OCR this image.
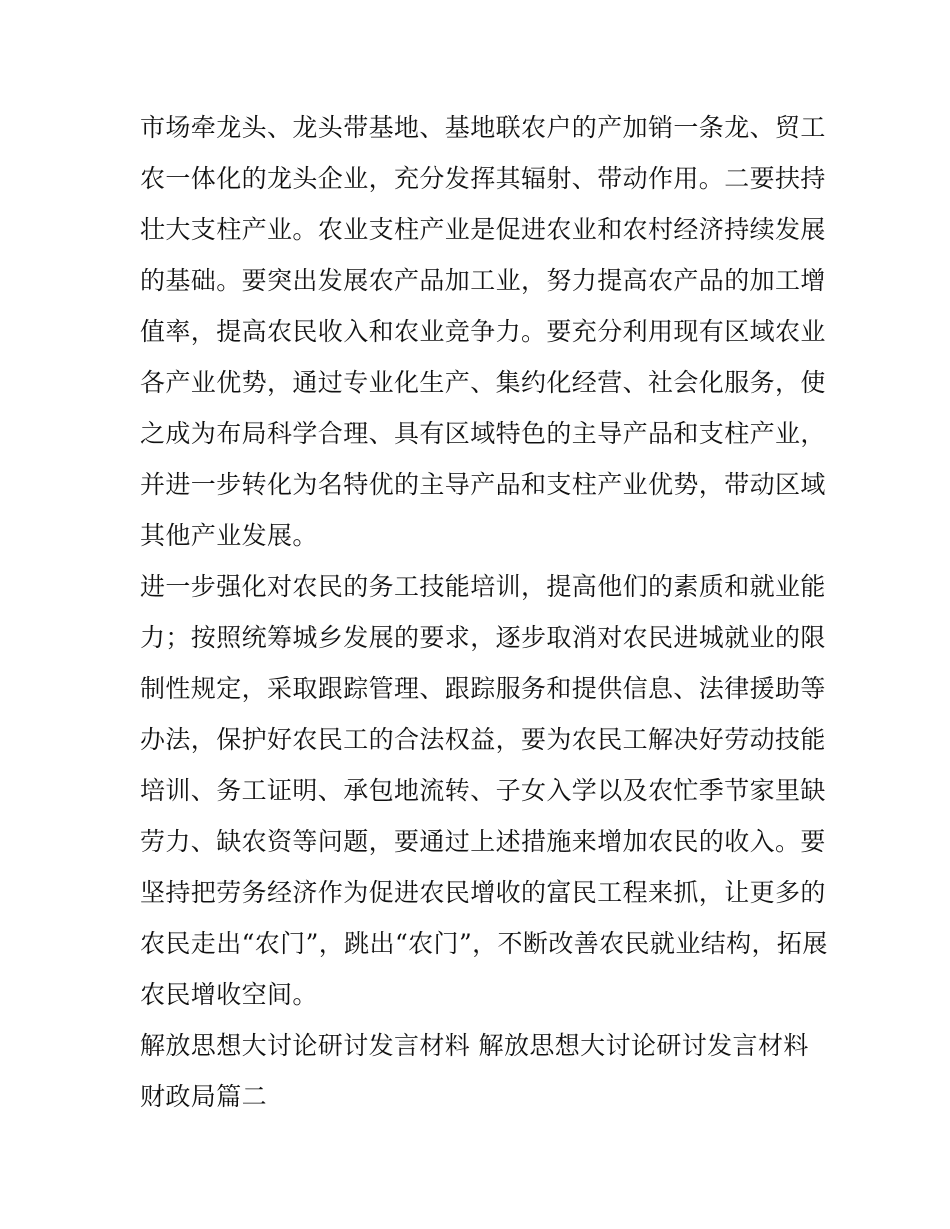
市场牵龙头、龙头带基地、基地联农户的产加销一条龙、贸工
农一体化的龙头企业，充分发挥其辐射、带动作用。二要扶持
壮大支柱产业。农业支柱产业是促进农业和农村经济持续发展
的基础。要突出发展农产品加工业，努力提高农产品的加工增
值率，提高农民收入和农业竞争力。要充分利用现有区域农业
各产业优势，通过专业化生产、集约化经营、社会化服务，使
之成为布局科学合理、具有区域特色的主导产品和支柱产业，
并进一步转化为名特优的主导产品和支柱产业优势，带动区域
其他产业发展。
进一步强化对农民的务工技能培训，提高他们的素质和就业能
力；按照统筹城乡发展的要求，逐步取消对农民进城就业的限
制性规定，采取跟踪管理、跟踪服务和提供信息、法律援助等
办法，保护好农民工的合法权益，要为农民工解决好劳动技能
培训、务工证明、承包地流转、子女入学以及农忙季节家里缺
劳力、缺农资等问题，要通过上述措施来增加农民的收入。要
坚持把劳务经济作为促进农民增收的富民工程来抓，让更多的
农民走出“农门”，跳出“农门”，不断改善农民就业结构，拓展
农民增收空间。
解放思想大讨论研讨发言材料 解放思想大讨论研讨发言材料
财政局篇二
